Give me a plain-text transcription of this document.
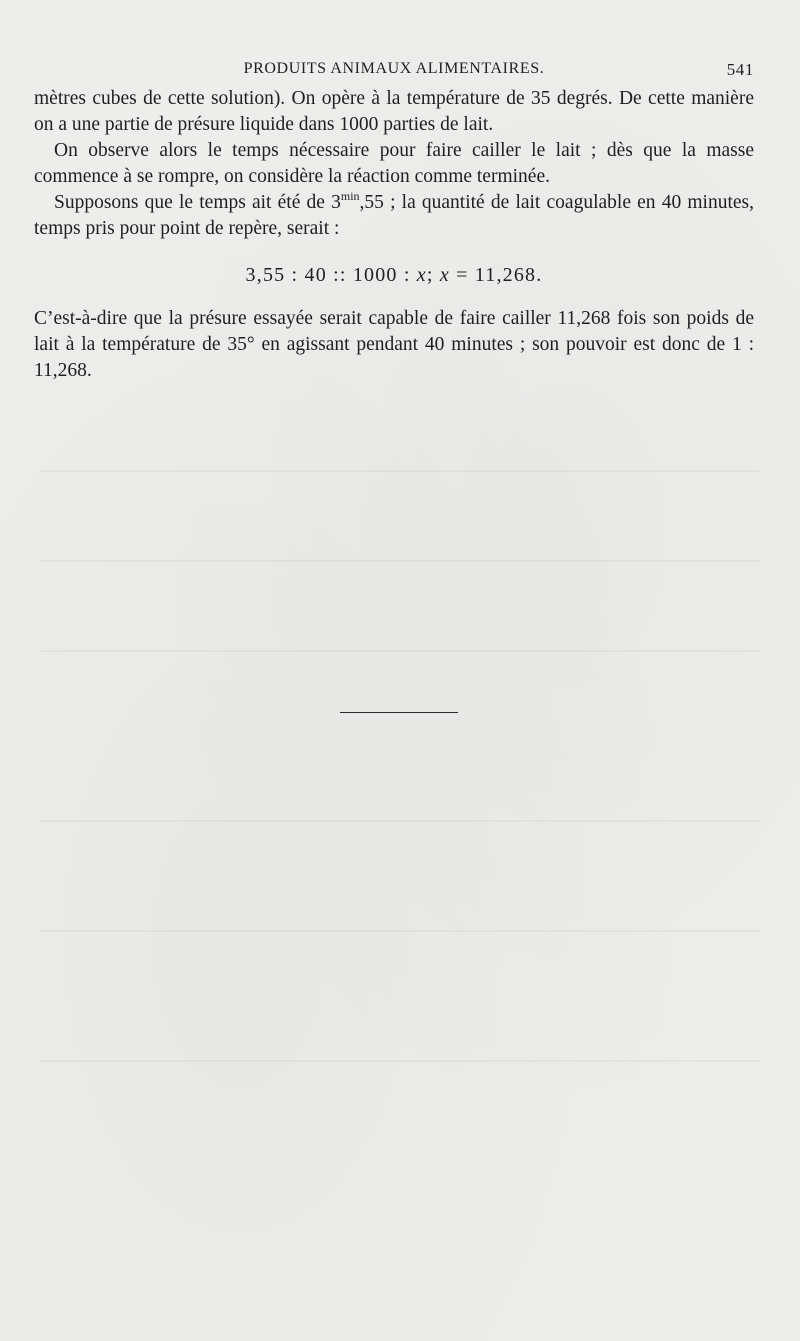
PRODUITS ANIMAUX ALIMENTAIRES.	541

mètres cubes de cette solution). On opère à la température de 35 degrés. De cette manière on a une partie de présure liquide dans 1000 parties de lait.

On observe alors le temps nécessaire pour faire cailler le lait ; dès que la masse commence à se rompre, on considère la réaction comme terminée.

Supposons que le temps ait été de $3^{min},55$ ; la quantité de lait coagulable en 40 minutes, temps pris pour point de repère, serait :

3,55 : 40 :: 1000 : x; x = 11,268.

C’est-à-dire que la présure essayée serait capable de faire cailler 11,268 fois son poids de lait à la température de 35° en agissant pendant 40 minutes ; son pouvoir est donc de 1 : 11,268.
